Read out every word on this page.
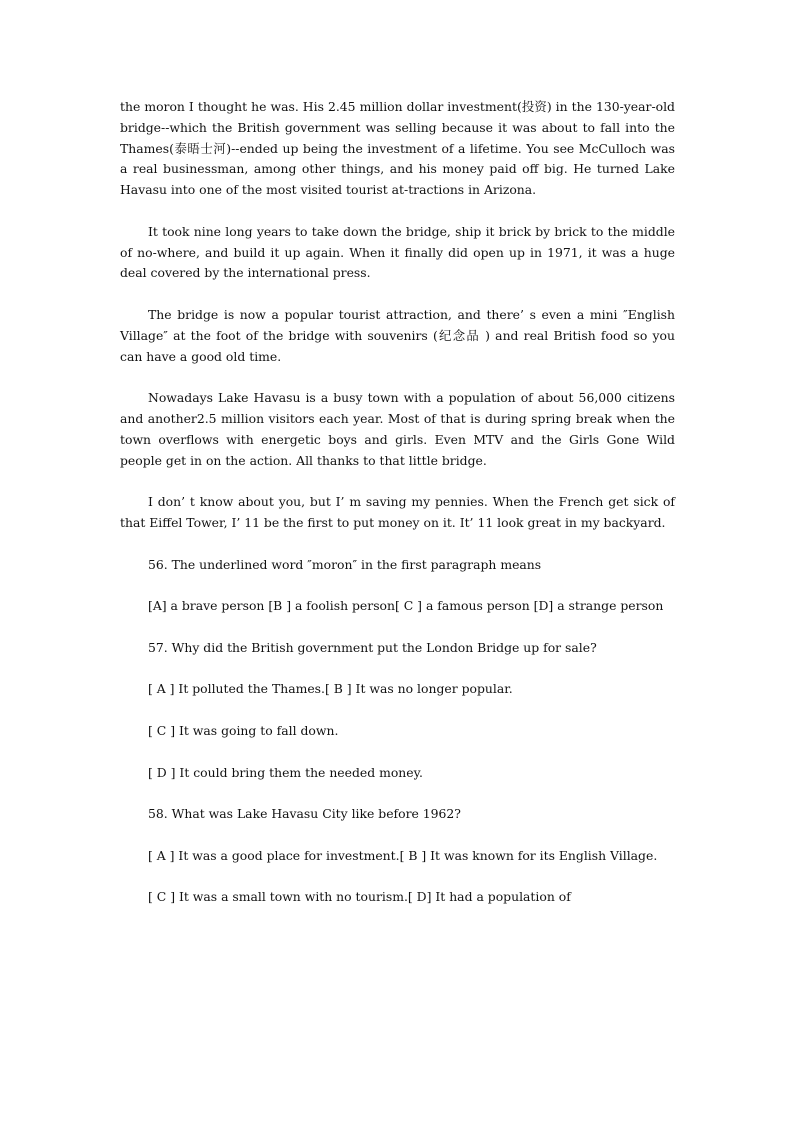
the moron I thought he was. His 2.45 million dollar investment(投资) in the 130-year-old bridge--which the British government was selling because it was about to fall into the Thames(泰晤士河)--ended up being the investment of a lifetime. You see McCulloch was a real businessman, among other things, and his money paid off big. He turned Lake Havasu into one of the most visited tourist at-tractions in Arizona.

It took nine long years to take down the bridge, ship it brick by brick to the middle of no-where, and build it up again. When it finally did open up in 1971, it was a huge deal covered by the international press.

The bridge is now a popular tourist attraction, and there’ s even a mini ″English Village″ at the foot of the bridge with souvenirs (纪念品 ) and real British food so you can have a good old time.

Nowadays Lake Havasu is a busy town with a population of about 56,000 citizens and another2.5 million visitors each year. Most of that is during spring break when the town overflows with energetic boys and girls. Even MTV and the Girls Gone Wild people get in on the action. All thanks to that little bridge.

I don’ t know about you, but I’ m saving my pennies. When the French get sick of that Eiffel Tower, I’ 11 be the first to put money on it. It’ 11 look great in my backyard.

56. The underlined word ″moron″ in the first paragraph means

[A] a brave person [B ] a foolish person[ C ] a famous person [D] a strange person

57. Why did the British government put the London Bridge up for sale?

[ A ] It polluted the Thames.[ B ] It was no longer popular.

[ C ] It was going to fall down.

[ D ] It could bring them the needed money.

58. What was Lake Havasu City like before 1962?

[ A ] It was a good place for investment.[ B ] It was known for its English Village.

[ C ] It was a small town with no tourism.[ D] It had a population of
